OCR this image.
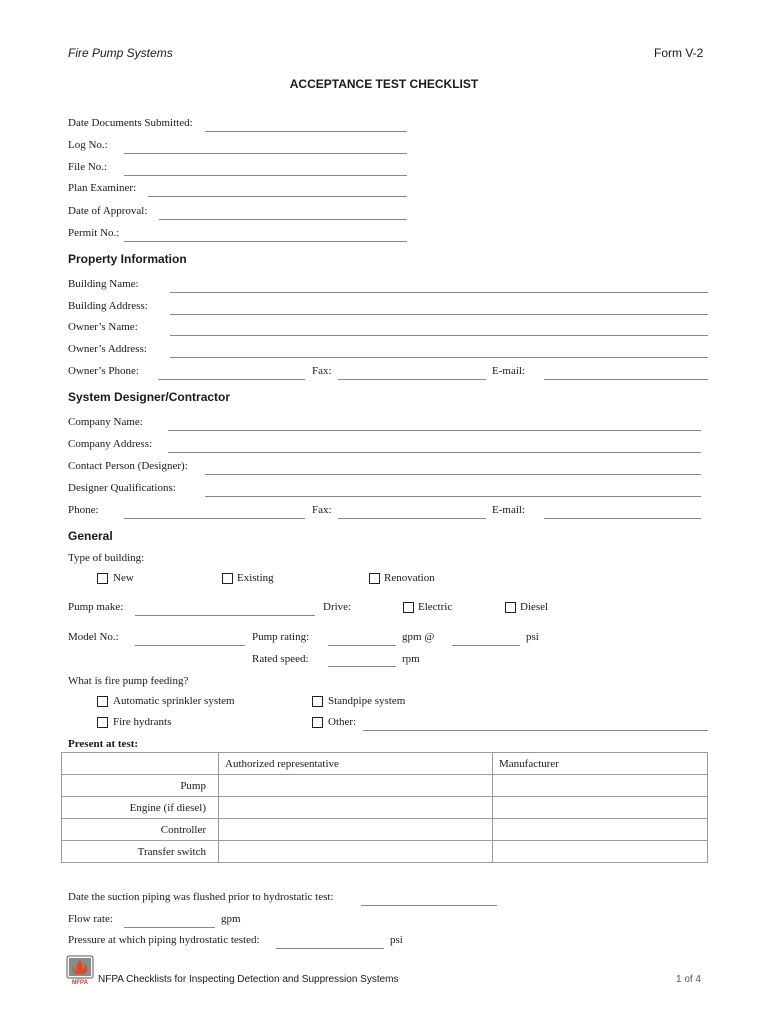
Fire Pump Systems	Form V-2
ACCEPTANCE TEST CHECKLIST
Date Documents Submitted:
Log No.:
File No.:
Plan Examiner:
Date of Approval:
Permit No.:
Property Information
Building Name:
Building Address:
Owner’s Name:
Owner’s Address:
Owner’s Phone:	Fax:	E-mail:
System Designer/Contractor
Company Name:
Company Address:
Contact Person (Designer):
Designer Qualifications:
Phone:	Fax:	E-mail:
General
Type of building:
New	Existing	Renovation
Pump make:	Drive:	Electric	Diesel
Model No.:	Pump rating:	gpm @	psi
Rated speed:	rpm
What is fire pump feeding?
Automatic sprinkler system	Standpipe system
Fire hydrants	Other:
Present at test:
	Authorized representative	Manufacturer
Pump		
Engine (if diesel)		
Controller		
Transfer switch		
Date the suction piping was flushed prior to hydrostatic test:
Flow rate:	gpm
Pressure at which piping hydrostatic tested:	psi
NFPA NFPA Checklists for Inspecting Detection and Suppression Systems	1 of 4
